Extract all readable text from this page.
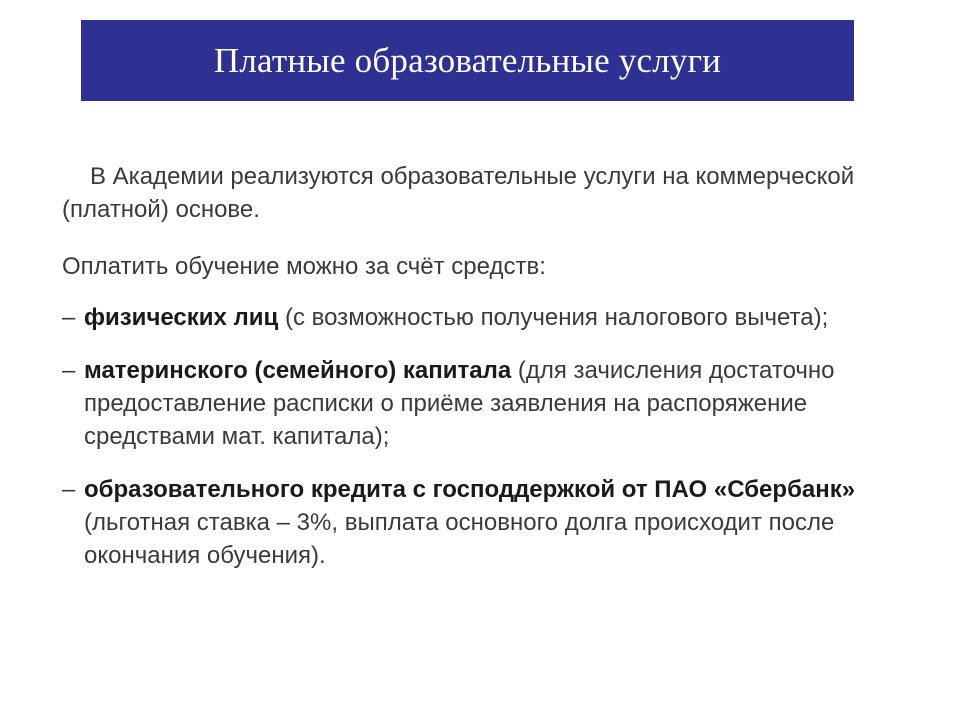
Платные образовательные услуги

В Академии реализуются образовательные услуги на коммерческой (платной) основе.

Оплатить обучение можно за счёт средств:

– физических лиц (с возможностью получения налогового вычета);
– материнского (семейного) капитала (для зачисления достаточно предоставление расписки о приёме заявления на распоряжение средствами мат. капитала);
– образовательного кредита с господдержкой от ПАО «Сбербанк» (льготная ставка – 3%, выплата основного долга происходит после окончания обучения).
